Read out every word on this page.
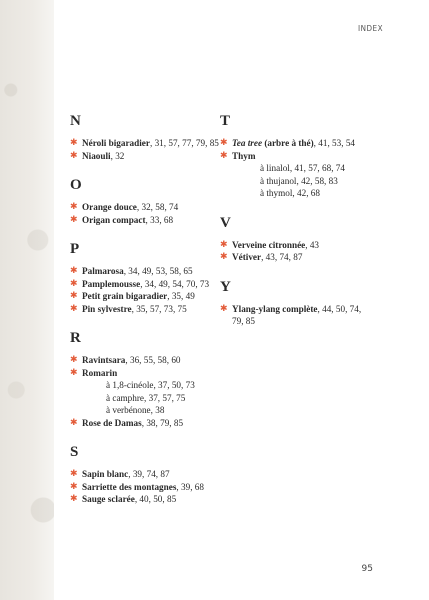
INDEX
N

✱ Néroli bigaradier, 31, 57, 77, 79, 85

✱ Niaouli, 32

O

✱ Orange douce, 32, 58, 74

✱ Origan compact, 33, 68

P

✱ Palmarosa, 34, 49, 53, 58, 65

✱ Pamplemousse, 34, 49, 54, 70, 73

✱ Petit grain bigaradier, 35, 49

✱ Pin sylvestre, 35, 57, 73, 75

R

✱ Ravintsara, 36, 55, 58, 60

✱ Romarin

à 1,8-cinéole, 37, 50, 73

à camphre, 37, 57, 75

à verbénone, 38

✱ Rose de Damas, 38, 79, 85

S

✱ Sapin blanc, 39, 74, 87

✱ Sarriette des montagnes, 39, 68

✱ Sauge sclarée, 40, 50, 85

T

✱ Tea tree (arbre à thé), 41, 53, 54

✱ Thym

à linalol, 41, 57, 68, 74

à thujanol, 42, 58, 83

à thymol, 42, 68

V

✱ Verveine citronnée, 43

✱ Vétiver, 43, 74, 87

Y

✱ Ylang-ylang complète, 44, 50, 74, 79, 85

95
